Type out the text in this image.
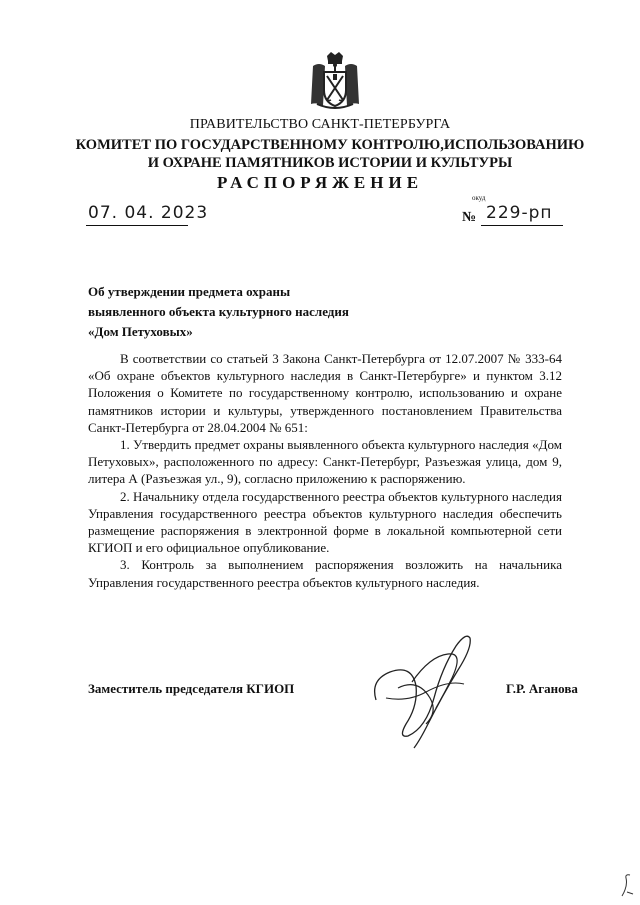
ПРАВИТЕЛЬСТВО САНКТ-ПЕТЕРБУРГА
КОМИТЕТ ПО ГОСУДАРСТВЕННОМУ КОНТРОЛЮ,ИСПОЛЬЗОВАНИЮ
И ОХРАНЕ ПАМЯТНИКОВ ИСТОРИИ И КУЛЬТУРЫ
РАСПОРЯЖЕНИЕ
окуд
07. 04. 2023	№ 229-рп
Об утверждении предмета охраны
выявленного объекта культурного наследия
«Дом Петуховых»

В соответствии со статьей 3 Закона Санкт-Петербурга от 12.07.2007 № 333-64 «Об охране объектов культурного наследия в Санкт-Петербурге» и пунктом 3.12 Положения о Комитете по государственному контролю, использованию и охране памятников истории и культуры, утвержденного постановлением Правительства Санкт-Петербурга от 28.04.2004 № 651:

1. Утвердить предмет охраны выявленного объекта культурного наследия «Дом Петуховых», расположенного по адресу: Санкт-Петербург, Разъезжая улица, дом 9, литера А (Разъезжая ул., 9), согласно приложению к распоряжению.

2. Начальнику отдела государственного реестра объектов культурного наследия Управления государственного реестра объектов культурного наследия обеспечить размещение распоряжения в электронной форме в локальной компьютерной сети КГИОП и его официальное опубликование.

3. Контроль за выполнением распоряжения возложить на начальника Управления государственного реестра объектов культурного наследия.

Заместитель председателя КГИОП	Г.Р. Аганова
